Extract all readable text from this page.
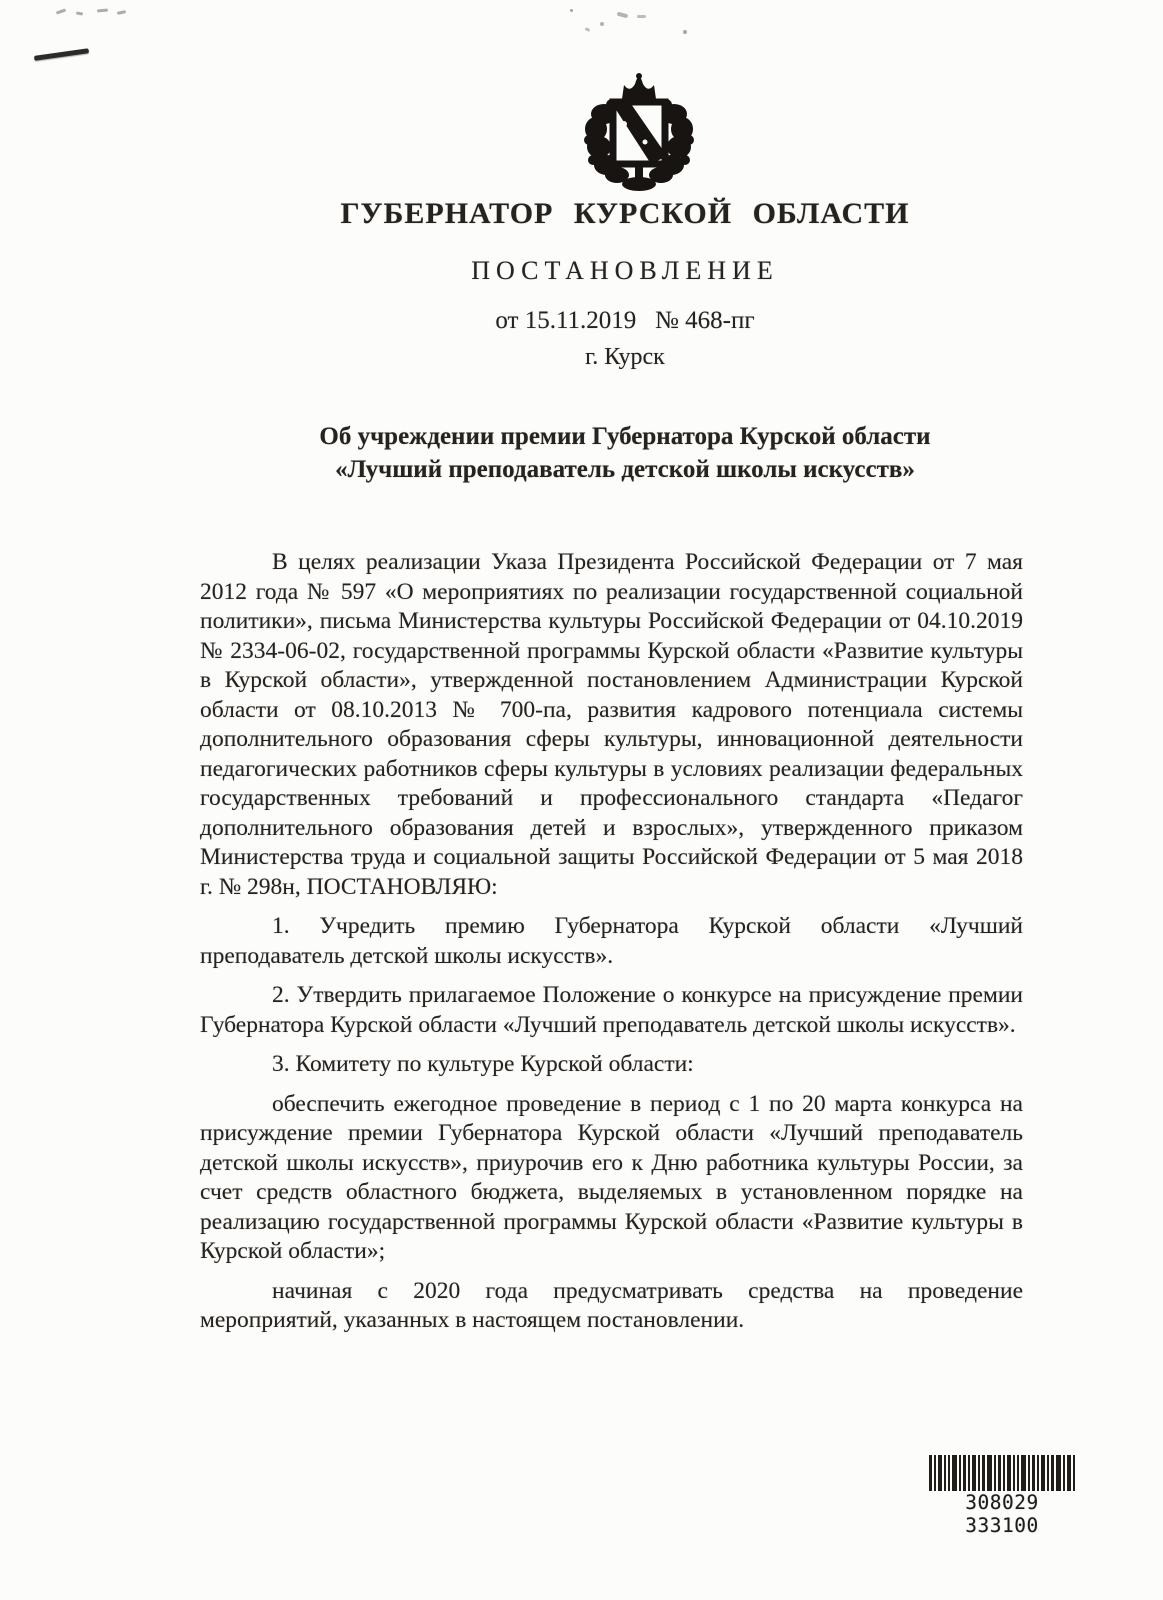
ГУБЕРНАТОР КУРСКОЙ ОБЛАСТИ
ПОСТАНОВЛЕНИЕ
от 15.11.2019   № 468-пг
г. Курск
Об учреждении премии Губернатора Курской области
«Лучший преподаватель детской школы искусств»

В целях реализации Указа Президента Российской Федерации от 7 мая 2012 года № 597 «О мероприятиях по реализации государственной социальной политики», письма Министерства культуры Российской Федерации от 04.10.2019 № 2334-06-02, государственной программы Курской области «Развитие культуры в Курской области», утвержденной постановлением Администрации Курской области от 08.10.2013 № 700-па, развития кадрового потенциала системы дополнительного образования сферы культуры, инновационной деятельности педагогических работников сферы культуры в условиях реализации федеральных государственных требований и профессионального стандарта «Педагог дополнительного образования детей и взрослых», утвержденного приказом Министерства труда и социальной защиты Российской Федерации от 5 мая 2018 г. № 298н, ПОСТАНОВЛЯЮ:

1. Учредить премию Губернатора Курской области «Лучший преподаватель детской школы искусств».

2. Утвердить прилагаемое Положение о конкурсе на присуждение премии Губернатора Курской области «Лучший преподаватель детской школы искусств».

3. Комитету по культуре Курской области:

обеспечить ежегодное проведение в период с 1 по 20 марта конкурса на присуждение премии Губернатора Курской области «Лучший преподаватель детской школы искусств», приурочив его к Дню работника культуры России, за счет средств областного бюджета, выделяемых в установленном порядке на реализацию государственной программы Курской области «Развитие культуры в Курской области»;

начиная с 2020 года предусматривать средства на проведение мероприятий, указанных в настоящем постановлении.

308029 333100
